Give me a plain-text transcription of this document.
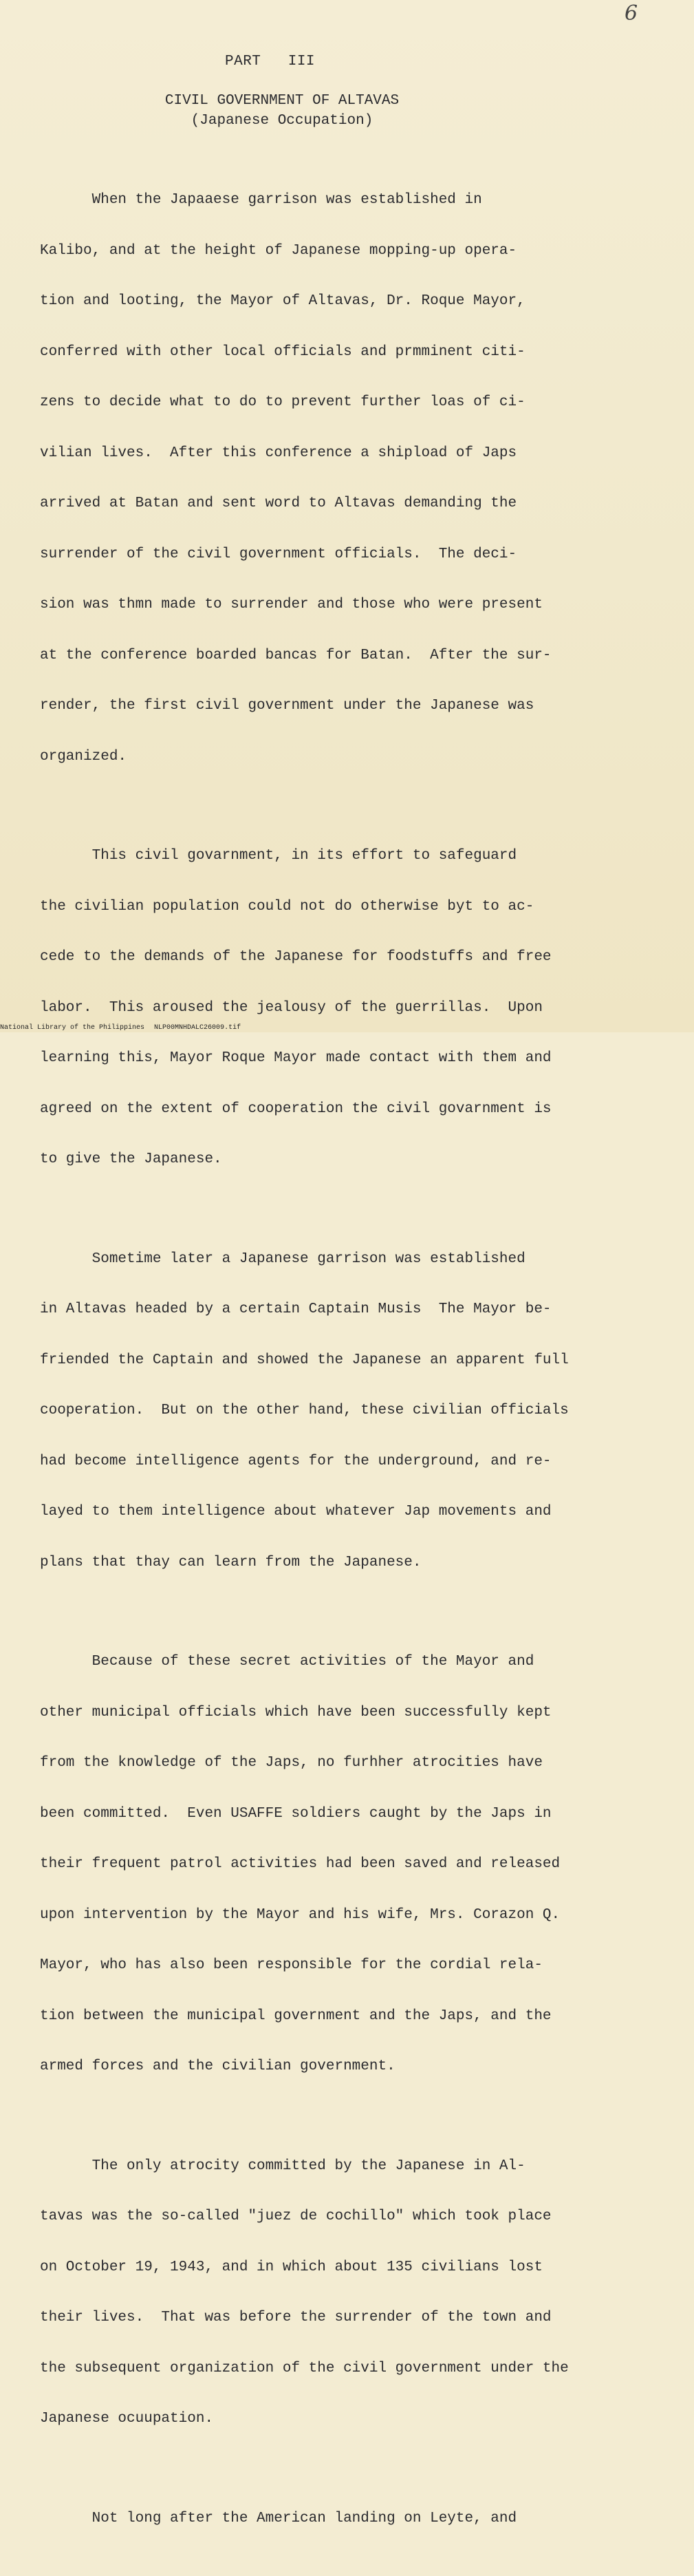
6
PART   III
CIVIL GOVERNMENT OF ALTAVAS
(Japanese Occupation)

When the Japaaese garrison was established in

Kalibo, and at the height of Japanese mopping-up opera-

tion and looting, the Mayor of Altavas, Dr. Roque Mayor,

conferred with other local officials and prmminent citi-

zens to decide what to do to prevent further loas of ci-

vilian lives.  After this conference a shipload of Japs

arrived at Batan and sent word to Altavas demanding the

surrender of the civil government officials.  The deci-

sion was thmn made to surrender and those who were present

at the conference boarded bancas for Batan.  After the sur-

render, the first civil government under the Japanese was

organized.

This civil govarnment, in its effort to safeguard

the civilian population could not do otherwise byt to ac-

cede to the demands of the Japanese for foodstuffs and free

labor.  This aroused the jealousy of the guerrillas.  Upon

learning this, Mayor Roque Mayor made contact with them and

agreed on the extent of cooperation the civil govarnment is

to give the Japanese.

Sometime later a Japanese garrison was established

in Altavas headed by a certain Captain Musis  The Mayor be-

friended the Captain and showed the Japanese an apparent full

cooperation.  But on the other hand, these civilian officials

had become intelligence agents for the underground, and re-

layed to them intelligence about whatever Jap movements and

plans that thay can learn from the Japanese.

Because of these secret activities of the Mayor and

other municipal officials which have been successfully kept

from the knowledge of the Japs, no furhher atrocities have

been committed.  Even USAFFE soldiers caught by the Japs in

their frequent patrol activities had been saved and released

upon intervention by the Mayor and his wife, Mrs. Corazon Q.

Mayor, who has also been responsible for the cordial rela-

tion between the municipal government and the Japs, and the

armed forces and the civilian government.

The only atrocity committed by the Japanese in Al-

tavas was the so-called "juez de cochillo" which took place

on October 19, 1943, and in which about 135 civilians lost

their lives.  That was before the surrender of the town and

the subsequent organization of the civil government under the

Japanese ocuupation.

Not long after the American landing on Leyte, and

National Library of the Philippines NLP00MNHDALC26009.tif
